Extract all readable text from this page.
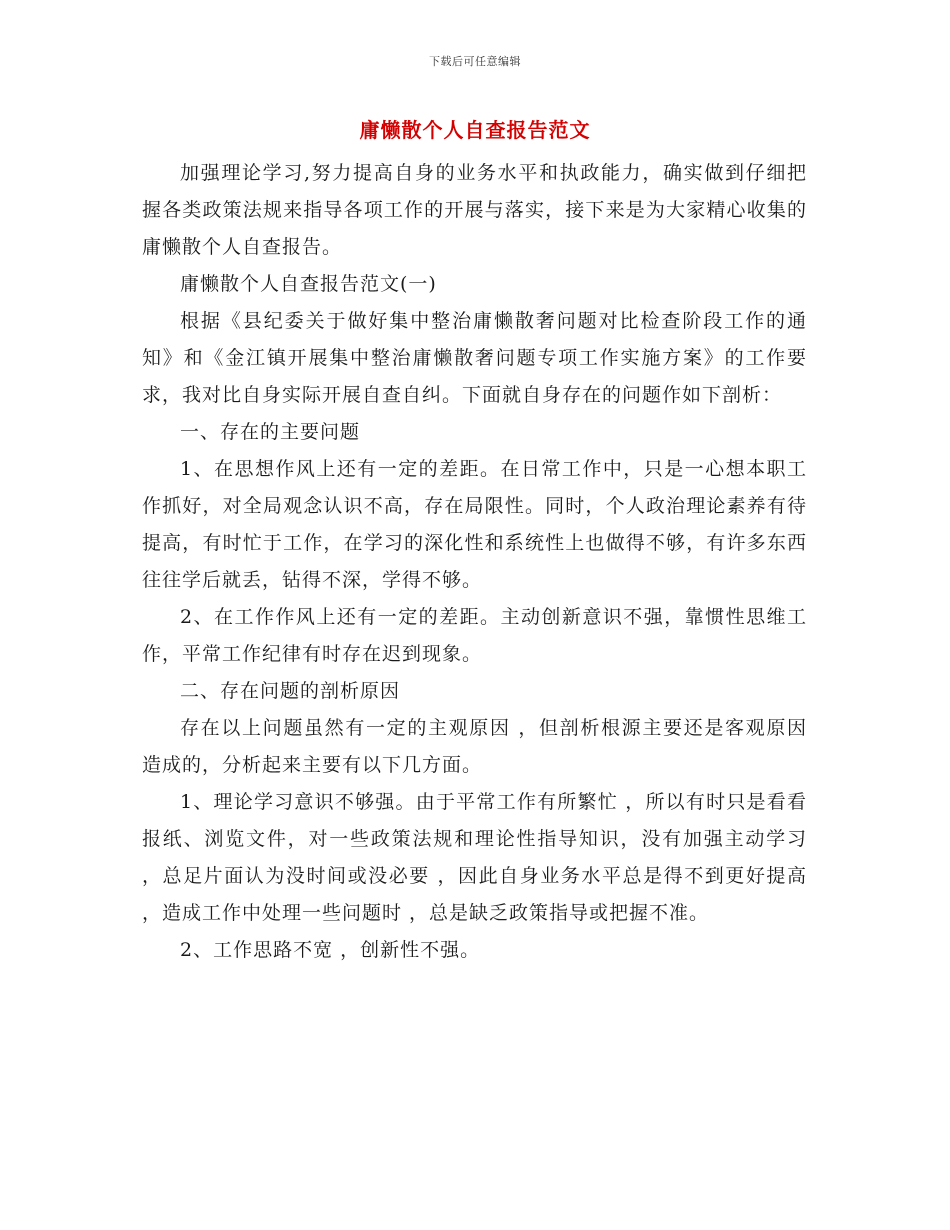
下载后可任意编辑
庸懒散个人自查报告范文

加强理论学习,努力提高自身的业务水平和执政能力，确实做到仔细把握各类政策法规来指导各项工作的开展与落实，接下来是为大家精心收集的庸懒散个人自查报告。

庸懒散个人自查报告范文(一)

根据《县纪委关于做好集中整治庸懒散奢问题对比检查阶段工作的通知》和《金江镇开展集中整治庸懒散奢问题专项工作实施方案》的工作要求，我对比自身实际开展自查自纠。下面就自身存在的问题作如下剖析：

一、存在的主要问题

1、在思想作风上还有一定的差距。在日常工作中，只是一心想本职工作抓好，对全局观念认识不高，存在局限性。同时，个人政治理论素养有待提高，有时忙于工作，在学习的深化性和系统性上也做得不够，有许多东西往往学后就丢，钻得不深，学得不够。

2、在工作作风上还有一定的差距。主动创新意识不强，靠惯性思维工作，平常工作纪律有时存在迟到现象。

二、存在问题的剖析原因

存在以上问题虽然有一定的主观原因 ，但剖析根源主要还是客观原因造成的，分析起来主要有以下几方面。

1、理论学习意识不够强。由于平常工作有所繁忙 ，所以有时只是看看报纸、浏览文件，对一些政策法规和理论性指导知识，没有加强主动学习 ，总足片面认为没时间或没必要 ，因此自身业务水平总是得不到更好提高 ，造成工作中处理一些问题时 ，总是缺乏政策指导或把握不准。

2、工作思路不宽 ，创新性不强。
